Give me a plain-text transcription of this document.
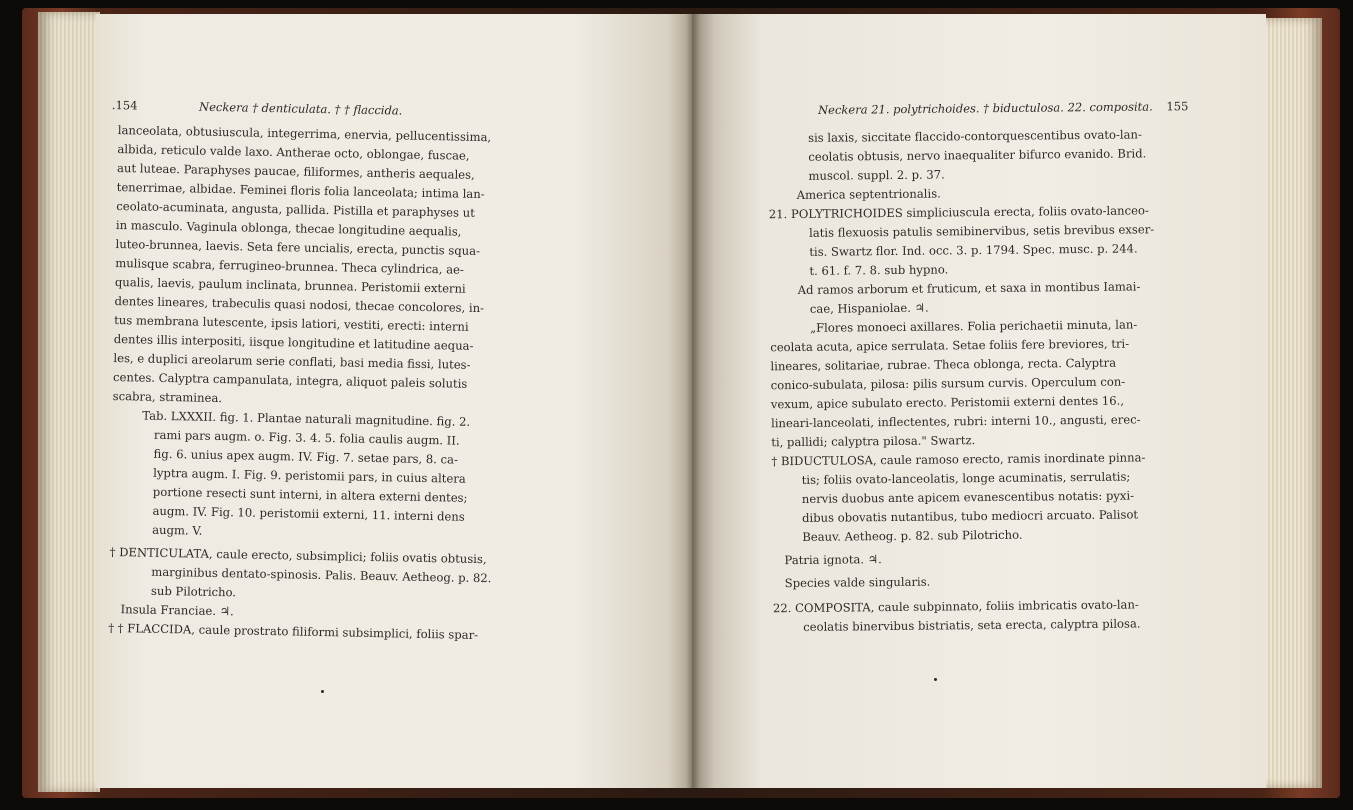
.154	Neckera † denticulata. † † flaccida.	Neckera 21. polytrichoides. † biductulosa. 22. composita. 155
lanceolata, obtusiuscula, integerrima, enervia, pellucentissima,
albida, reticulo valde laxo. Antherae octo, oblongae, fuscae,
aut luteae. Paraphyses paucae, filiformes, antheris aequales,
tenerrimae, albidae. Feminei floris folia lanceolata; intima lan-
ceolato-acuminata, angusta, pallida. Pistilla et paraphyses ut
in masculo. Vaginula oblonga, thecae longitudine aequalis,
luteo-brunnea, laevis. Seta fere uncialis, erecta, punctis squa-
mulisque scabra, ferrugineo-brunnea. Theca cylindrica, ae-
qualis, laevis, paulum inclinata, brunnea. Peristomii externi
dentes lineares, trabeculis quasi nodosi, thecae concolores, in-
tus membrana lutescente, ipsis latiori, vestiti, erecti: interni
dentes illis interpositi, iisque longitudine et latitudine aequa-
les, e duplici areolarum serie conflati, basi media fissi, lutes-
centes. Calyptra campanulata, integra, aliquot paleis solutis
scabra, straminea.
Tab. LXXXII. fig. 1. Plantae naturali magnitudine. fig. 2.
rami pars augm. o. Fig. 3. 4. 5. folia caulis augm. II.
fig. 6. unius apex augm. IV. Fig. 7. setae pars, 8. ca-
lyptra augm. I. Fig. 9. peristomii pars, in cuius altera
portione resecti sunt interni, in altera externi dentes;
augm. IV. Fig. 10. peristomii externi, 11. interni dens
augm. V.
† DENTICULATA, caule erecto, subsimplici; foliis ovatis obtusis,
marginibus dentato-spinosis. Palis. Beauv. Aetheog. p. 82.
sub Pilotricho.
Insula Franciae. ♃.
† † FLACCIDA, caule prostrato filiformi subsimplici, foliis spar-
sis laxis, siccitate flaccido-contorquescentibus ovato-lan-
ceolatis obtusis, nervo inaequaliter bifurco evanido. Brid.
muscol. suppl. 2. p. 37.
America septentrionalis.
21. POLYTRICHOIDES simpliciuscula erecta, foliis ovato-lanceo-
latis flexuosis patulis semibinervibus, setis brevibus exser-
tis. Swartz flor. Ind. occ. 3. p. 1794. Spec. musc. p. 244.
t. 61. f. 7. 8. sub hypno.
Ad ramos arborum et fruticum, et saxa in montibus Iamai-
cae, Hispaniolae. ♃.
„Flores monoeci axillares. Folia perichaetii minuta, lan-
ceolata acuta, apice serrulata. Setae foliis fere breviores, tri-
lineares, solitariae, rubrae. Theca oblonga, recta. Calyptra
conico-subulata, pilosa: pilis sursum curvis. Operculum con-
vexum, apice subulato erecto. Peristomii externi dentes 16.,
lineari-lanceolati, inflectentes, rubri: interni 10., angusti, erec-
ti, pallidi; calyptra pilosa." Swartz.
† BIDUCTULOSA, caule ramoso erecto, ramis inordinate pinna-
tis; foliis ovato-lanceolatis, longe acuminatis, serrulatis;
nervis duobus ante apicem evanescentibus notatis: pyxi-
dibus obovatis nutantibus, tubo mediocri arcuato. Palisot
Beauv. Aetheog. p. 82. sub Pilotricho.
Patria ignota. ♃.
Species valde singularis.
22. COMPOSITA, caule subpinnato, foliis imbricatis ovato-lan-
ceolatis binervibus bistriatis, seta erecta, calyptra pilosa.
